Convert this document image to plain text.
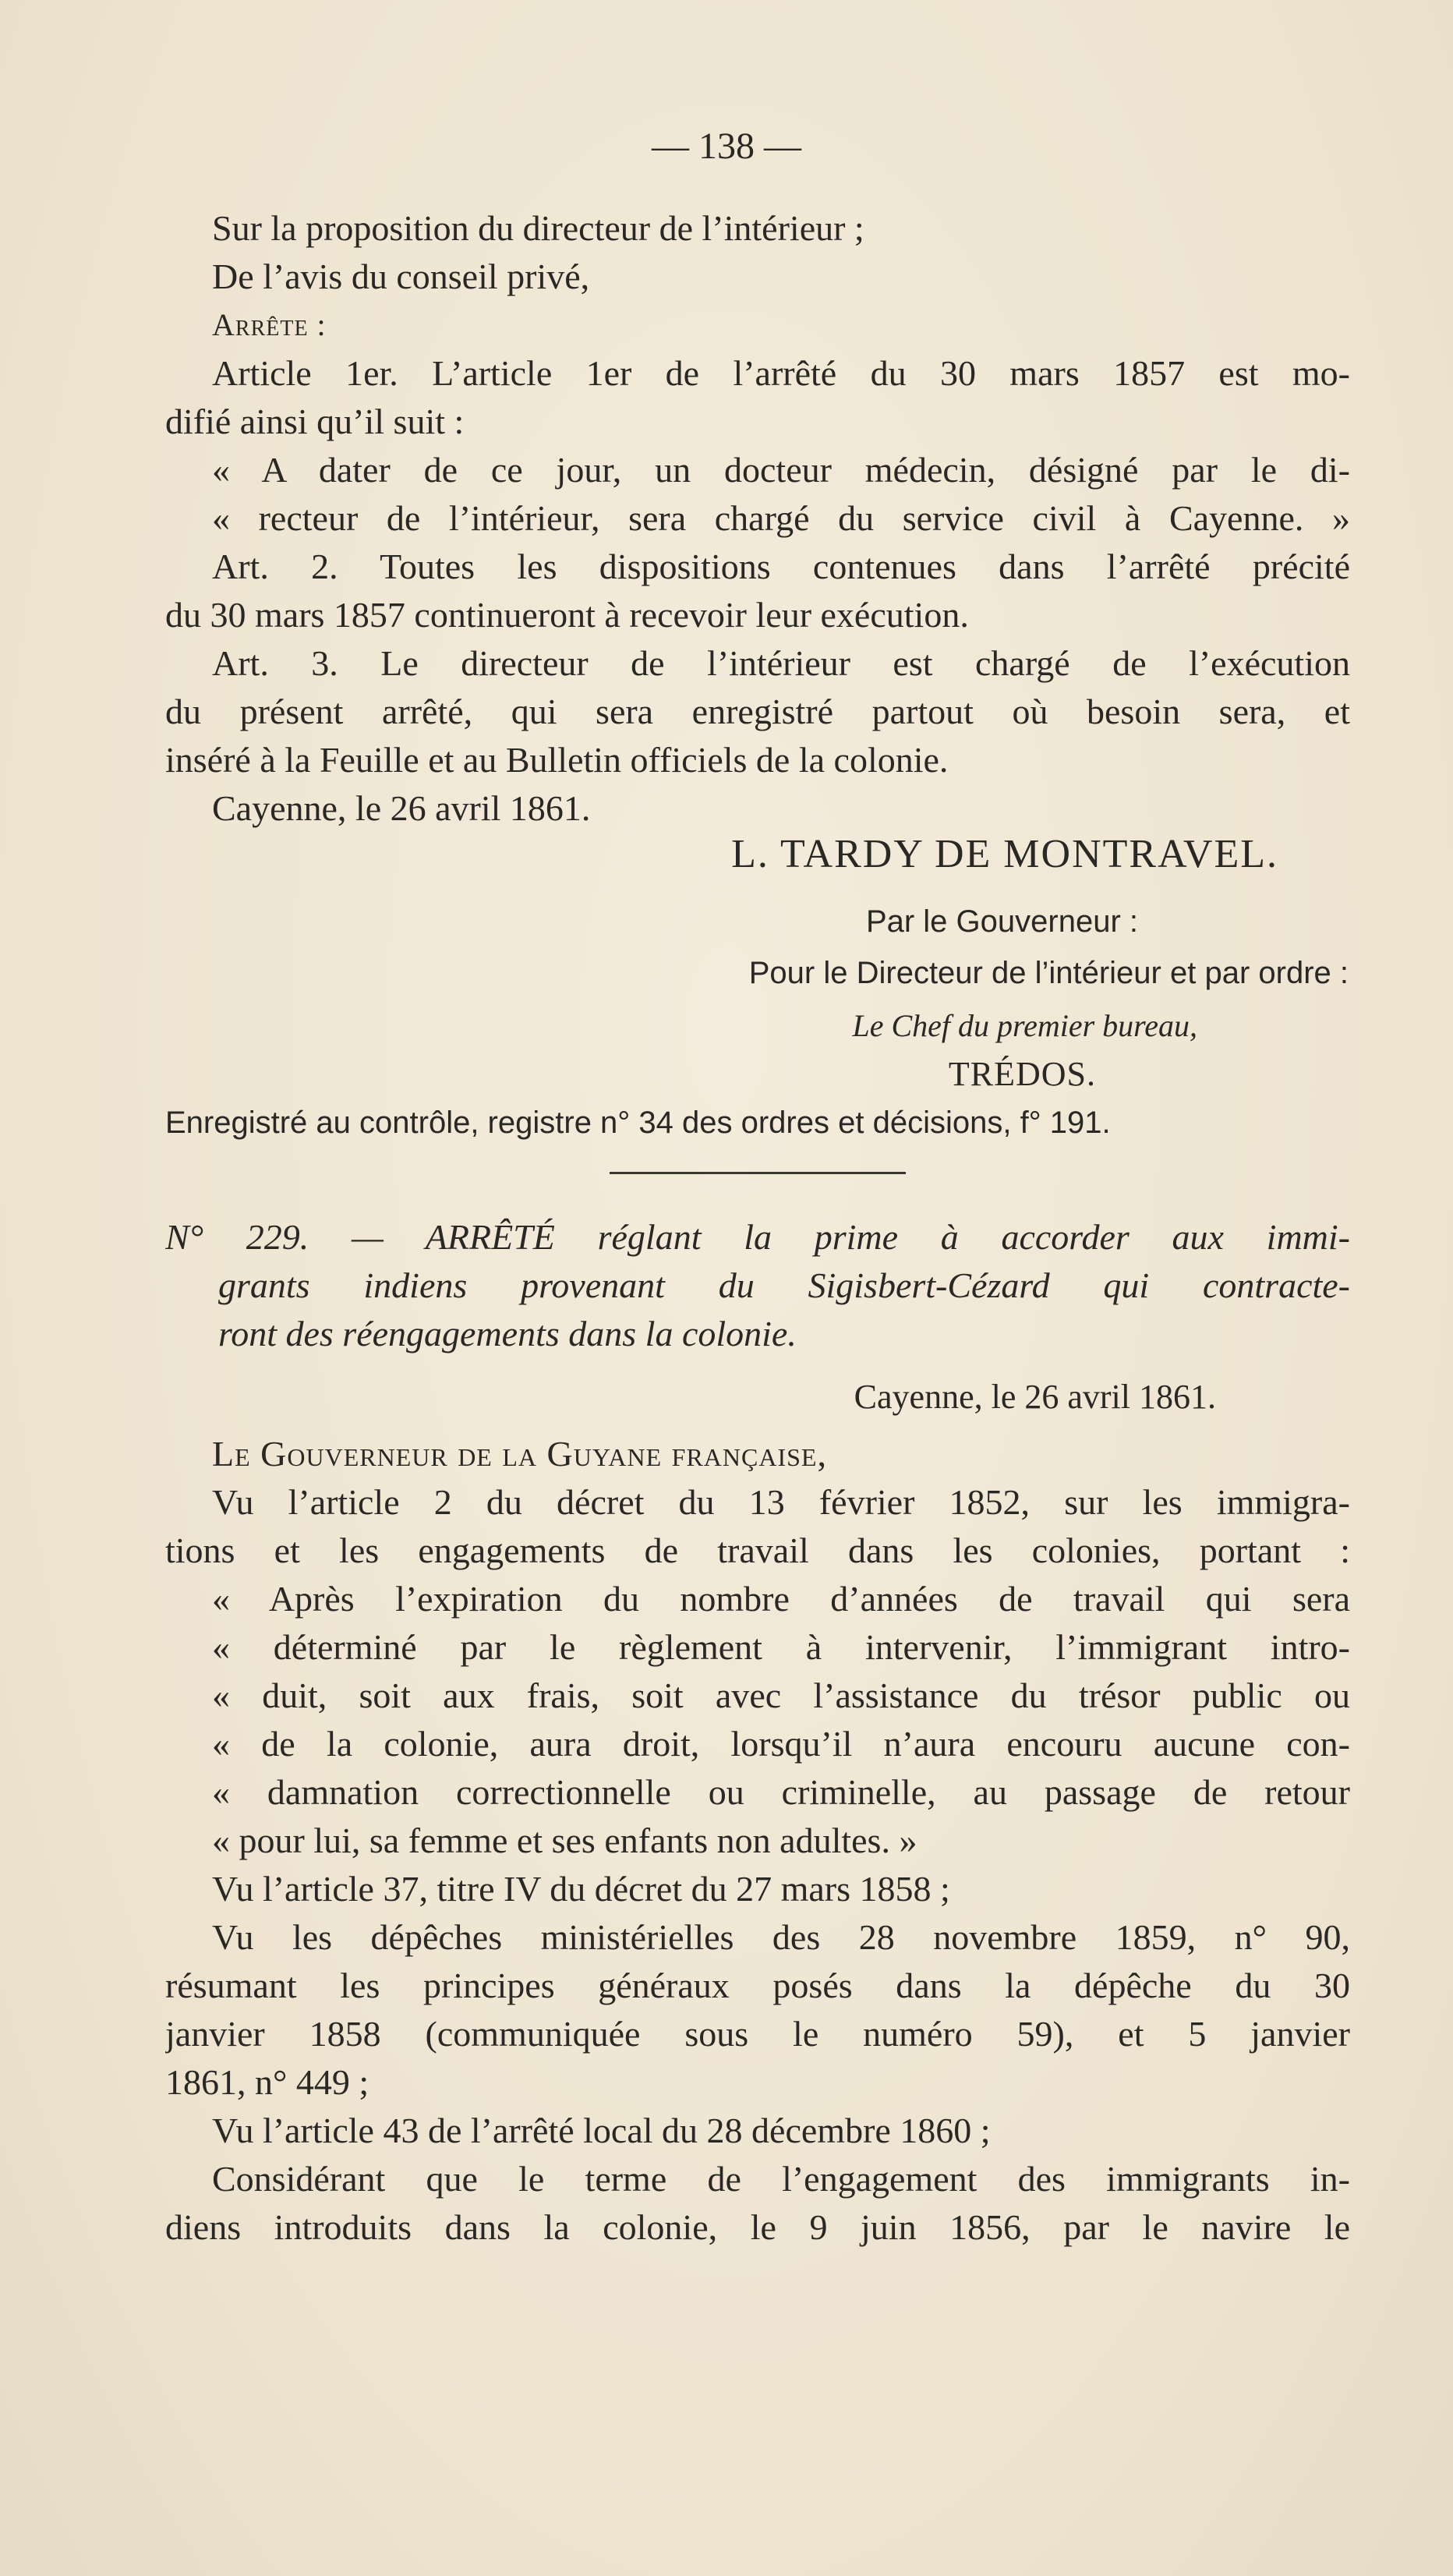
— 138 —
Sur la proposition du directeur de l’intérieur ;
De l’avis du conseil privé,
Arrête :
Article 1er. L’article 1er de l’arrêté du 30 mars 1857 est mo-
difié ainsi qu’il suit :
« A dater de ce jour, un docteur médecin, désigné par le di-
« recteur de l’intérieur, sera chargé du service civil à Cayenne. »
Art. 2. Toutes les dispositions contenues dans l’arrêté précité
du 30 mars 1857 continueront à recevoir leur exécution.
Art. 3. Le directeur de l’intérieur est chargé de l’exécution
du présent arrêté, qui sera enregistré partout où besoin sera, et
inséré à la Feuille et au Bulletin officiels de la colonie.
Cayenne, le 26 avril 1861.
L. TARDY DE MONTRAVEL.
Par le Gouverneur :
Pour le Directeur de l’intérieur et par ordre :
Le Chef du premier bureau,
TRÉDOS.
Enregistré au contrôle, registre n° 34 des ordres et décisions, f° 191.
N° 229. — ARRÊTÉ réglant la prime à accorder aux immi-
grants indiens provenant du Sigisbert-Cézard qui contracte-
ront des réengagements dans la colonie.
Cayenne, le 26 avril 1861.
Le Gouverneur de la Guyane française,
Vu l’article 2 du décret du 13 février 1852, sur les immigra-
tions et les engagements de travail dans les colonies, portant :
« Après l’expiration du nombre d’années de travail qui sera
« déterminé par le règlement à intervenir, l’immigrant intro-
« duit, soit aux frais, soit avec l’assistance du trésor public ou
« de la colonie, aura droit, lorsqu’il n’aura encouru aucune con-
« damnation correctionnelle ou criminelle, au passage de retour
« pour lui, sa femme et ses enfants non adultes. »
Vu l’article 37, titre IV du décret du 27 mars 1858 ;
Vu les dépêches ministérielles des 28 novembre 1859, n° 90,
résumant les principes généraux posés dans la dépêche du 30
janvier 1858 (communiquée sous le numéro 59), et 5 janvier
1861, n° 449 ;
Vu l’article 43 de l’arrêté local du 28 décembre 1860 ;
Considérant que le terme de l’engagement des immigrants in-
diens introduits dans la colonie, le 9 juin 1856, par le navire le
